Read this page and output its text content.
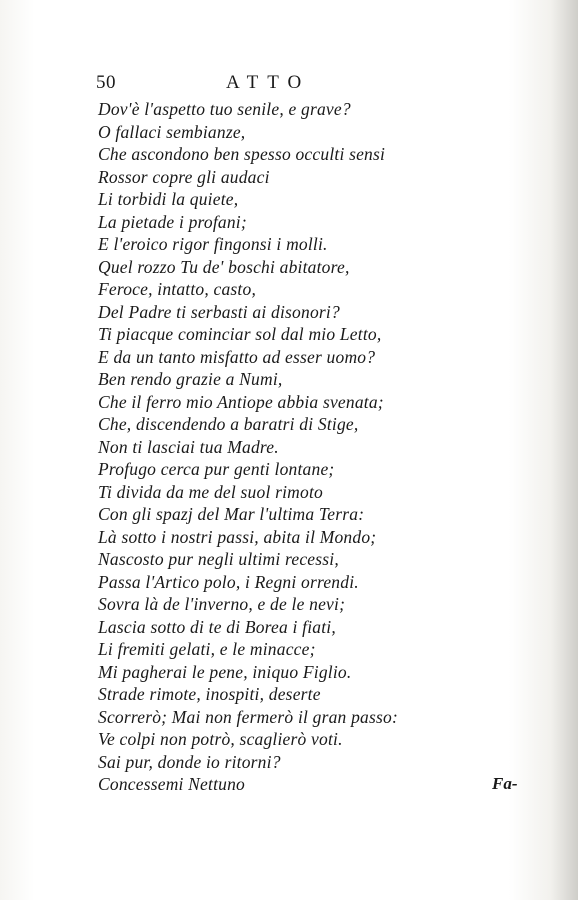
50	ATTO
Dov'è l'aspetto tuo senile, e grave?
O fallaci sembianze,
Che ascondono ben spesso occulti sensi
Rossor copre gli audaci
Li torbidi la quiete,
La pietade i profani;
E l'eroico rigor fingonsi i molli.
Quel rozzo Tu de' boschi abitatore,
Feroce, intatto, casto,
Del Padre ti serbasti ai disonori?
Ti piacque cominciar sol dal mio Letto,
E da un tanto misfatto ad esser uomo?
Ben rendo grazie a Numi,
Che il ferro mio Antiope abbia svenata;
Che, discendendo a baratri di Stige,
Non ti lasciai tua Madre.
Profugo cerca pur genti lontane;
Ti divida da me del suol rimoto
Con gli spazj del Mar l'ultima Terra:
Là sotto i nostri passi, abita il Mondo;
Nascosto pur negli ultimi recessi,
Passa l'Artico polo, i Regni orrendi.
Sovra là de l'inverno, e de le nevi;
Lascia sotto di te di Borea i fiati,
Li fremiti gelati, e le minacce;
Mi pagherai le pene, iniquo Figlio.
Strade rimote, inospiti, deserte
Scorrerò; Mai non fermerò il gran passo:
Ve colpi non potrò, scaglierò voti.
Sai pur, donde io ritorni?
Concessemi Nettuno	Fa-
